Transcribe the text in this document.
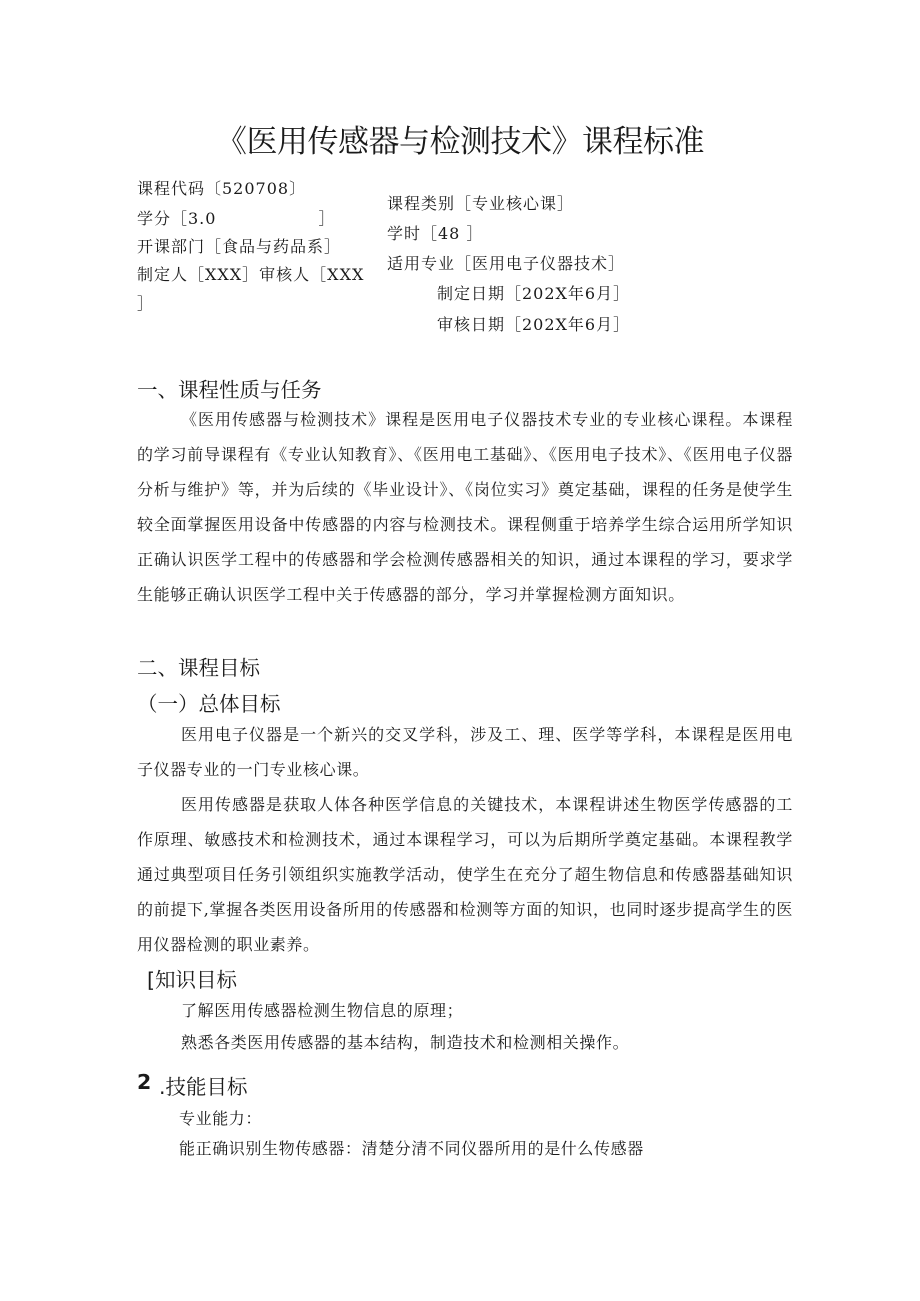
《医用传感器与检测技术》课程标准
课程代码〔520708〕
学分［3.0　　　　　　］
开课部门［食品与药品系］
制定人［XXX］审核人［XXX
］
课程类别［专业核心课］
学时［48 ］
适用专业［医用电子仪器技术］
制定日期［202X年6月］
审核日期［202X年6月］
一、课程性质与任务
《医用传感器与检测技术》课程是医用电子仪器技术专业的专业核心课程。本课程的学习前导课程有《专业认知教育》、《医用电工基础》、《医用电子技术》、《医用电子仪器分析与维护》等，并为后续的《毕业设计》、《岗位实习》奠定基础，课程的任务是使学生较全面掌握医用设备中传感器的内容与检测技术。课程侧重于培养学生综合运用所学知识正确认识医学工程中的传感器和学会检测传感器相关的知识，通过本课程的学习，要求学生能够正确认识医学工程中关于传感器的部分，学习并掌握检测方面知识。
二、课程目标
（一）总体目标
医用电子仪器是一个新兴的交叉学科，涉及工、理、医学等学科，本课程是医用电子仪器专业的一门专业核心课。
医用传感器是获取人体各种医学信息的关键技术，本课程讲述生物医学传感器的工作原理、敏感技术和检测技术，通过本课程学习，可以为后期所学奠定基础。本课程教学通过典型项目任务引领组织实施教学活动，使学生在充分了超生物信息和传感器基础知识的前提下,掌握各类医用设备所用的传感器和检测等方面的知识，也同时逐步提高学生的医用仪器检测的职业素养。
[知识目标
了解医用传感器检测生物信息的原理；
熟悉各类医用传感器的基本结构，制造技术和检测相关操作。
2 .技能目标
专业能力：
能正确识别生物传感器：清楚分清不同仪器所用的是什么传感器
